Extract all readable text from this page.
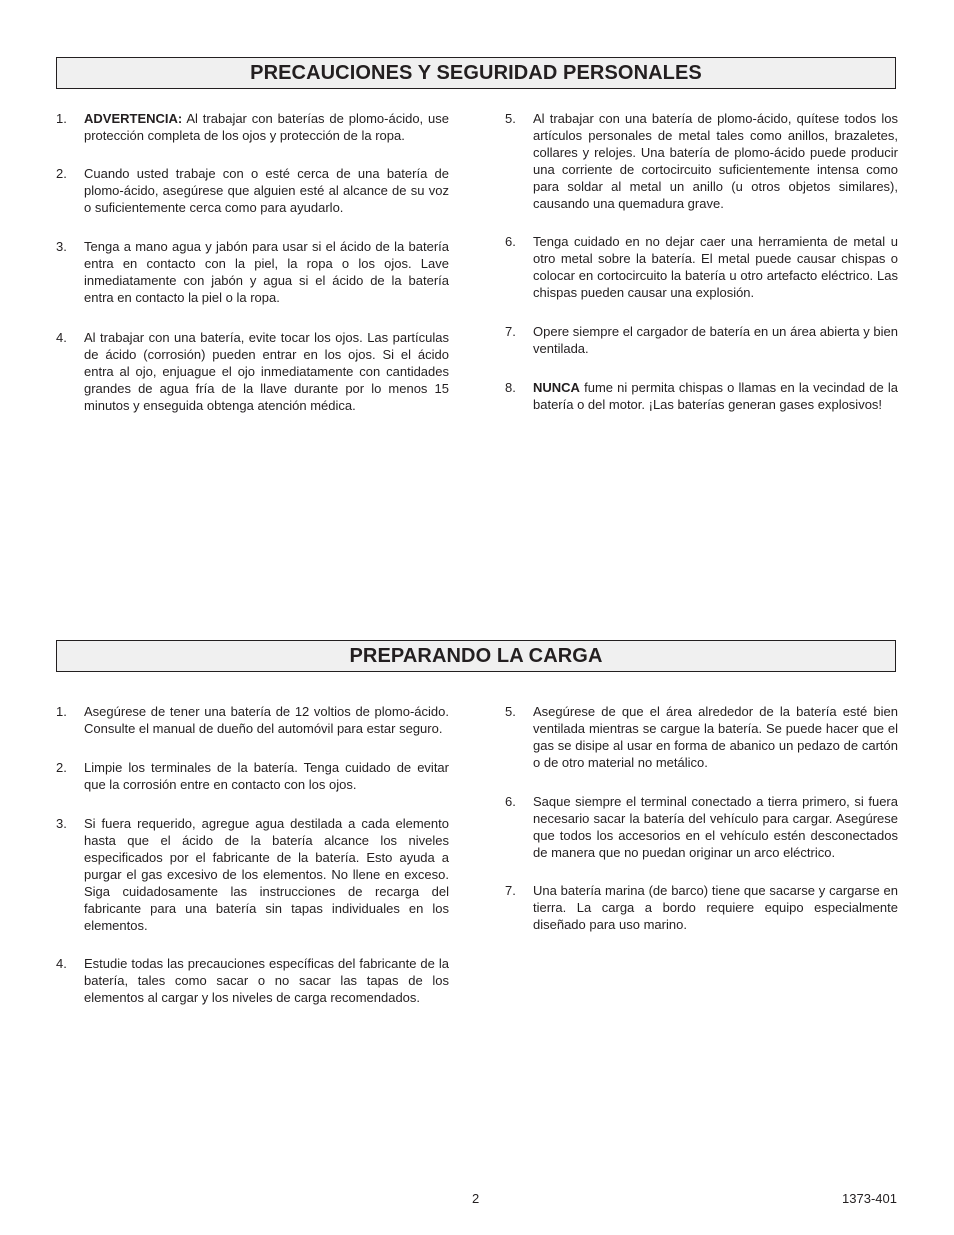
PRECAUCIONES Y SEGURIDAD PERSONALES
1.	ADVERTENCIA: Al trabajar con baterías de plomo-ácido, use protección completa de los ojos y protección de la ropa.
2.	Cuando usted trabaje con o esté cerca de una batería de plomo-ácido, asegúrese que alguien esté al alcance de su voz o suficientemente cerca como para ayudarlo.
3.	Tenga a mano agua y jabón para usar si el ácido de la batería entra en contacto con la piel, la ropa o los ojos. Lave inmediatamente con jabón y agua si el ácido de la batería entra en contacto la piel o la ropa.
4.	Al trabajar con una batería, evite tocar los ojos. Las partículas de ácido (corrosión) pueden entrar en los ojos. Si el ácido entra al ojo, enjuague el ojo inmediatamente con cantidades grandes de agua fría de la llave durante por lo menos 15 minutos y enseguida obtenga atención médica.
5.	Al trabajar con una batería de plomo-ácido, quítese todos los artículos personales de metal tales como anillos, brazaletes, collares y relojes. Una batería de plomo-ácido puede producir una corriente de cortocircuito suficientemente intensa como para soldar al metal un anillo (u otros objetos similares), causando una quemadura grave.
6.	Tenga cuidado en no dejar caer una herramienta de metal u otro metal sobre la batería. El metal puede causar chispas o colocar en cortocircuito la batería u otro artefacto eléctrico. Las chispas pueden causar una explosión.
7.	Opere siempre el cargador de batería en un área abierta y bien ventilada.
8.	NUNCA fume ni permita chispas o llamas en la vecindad de la batería o del motor. ¡Las baterías generan gases explosivos!
PREPARANDO LA CARGA
1.	Asegúrese de tener una batería de 12 voltios de plomo-ácido. Consulte el manual de dueño del automóvil para estar seguro.
2.	Limpie los terminales de la batería. Tenga cuidado de evitar que la corrosión entre en contacto con los ojos.
3.	Si fuera requerido, agregue agua destilada a cada elemento hasta que el ácido de la batería alcance los niveles especificados por el fabricante de la batería. Esto ayuda a purgar el gas excesivo de los elementos. No llene en exceso. Siga cuidadosamente las instrucciones de recarga del fabricante para una batería sin tapas individuales en los elementos.
4.	Estudie todas las precauciones específicas del fabricante de la batería, tales como sacar o no sacar las tapas de los elementos al cargar y los niveles de carga recomendados.
5.	Asegúrese de que el área alrededor de la batería esté bien ventilada mientras se cargue la batería. Se puede hacer que el gas se disipe al usar en forma de abanico un pedazo de cartón o de otro material no metálico.
6.	Saque siempre el terminal conectado a tierra primero, si fuera necesario sacar la batería del vehículo para cargar. Asegúrese que todos los accesorios en el vehículo estén desconectados de manera que no puedan originar un arco eléctrico.
7.	Una batería marina (de barco) tiene que sacarse y cargarse en tierra. La carga a bordo requiere equipo especialmente diseñado para uso marino.
2	1373-401
